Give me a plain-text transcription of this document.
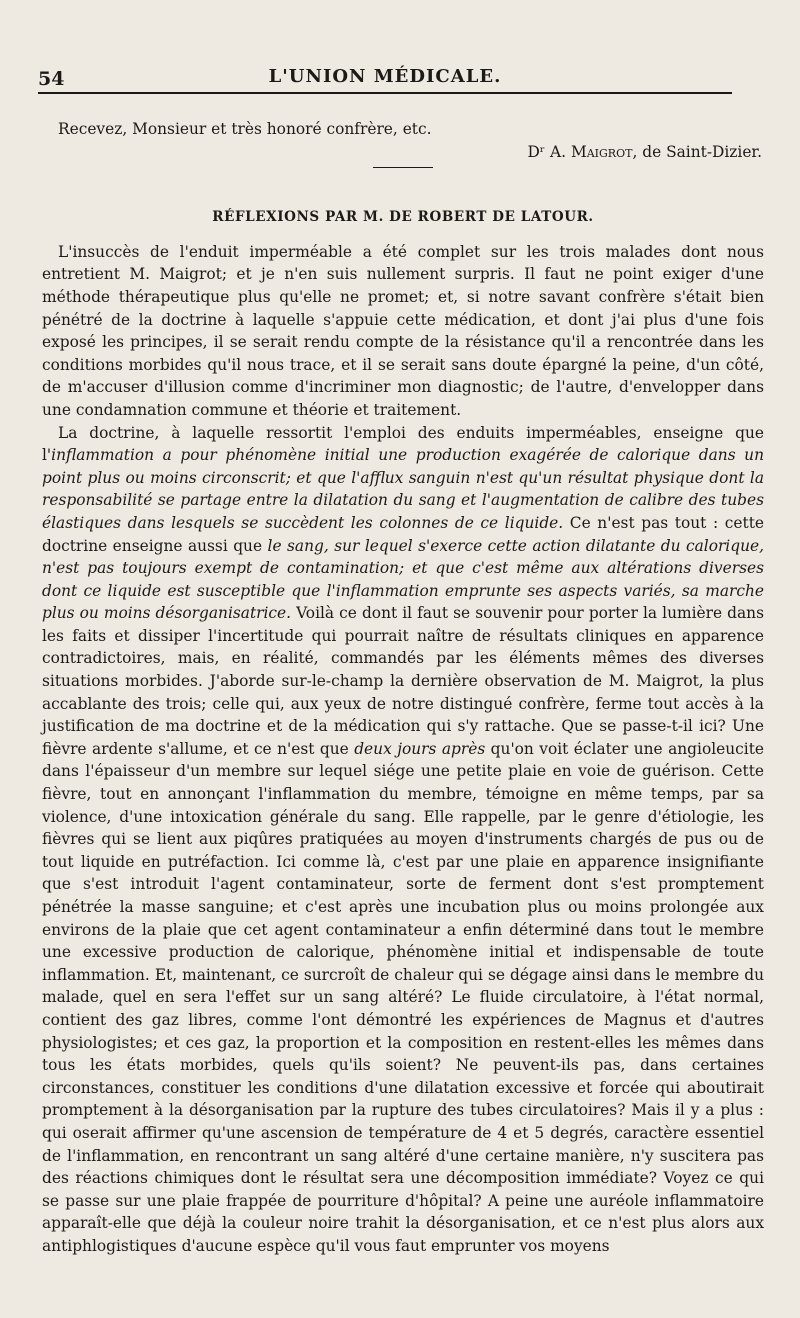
54	L'UNION MÉDICALE.

Recevez, Monsieur et très honoré confrère, etc.

Dʳ A. Maigrot, de Saint-Dizier.

RÉFLEXIONS PAR M. DE ROBERT DE LATOUR.

L'insuccès de l'enduit imperméable a été complet sur les trois malades dont nous entretient M. Maigrot; et je n'en suis nullement surpris. Il faut ne point exiger d'une méthode thérapeutique plus qu'elle ne promet; et, si notre savant confrère s'était bien pénétré de la doctrine à laquelle s'appuie cette médication, et dont j'ai plus d'une fois exposé les principes, il se serait rendu compte de la résistance qu'il a rencontrée dans les conditions morbides qu'il nous trace, et il se serait sans doute épargné la peine, d'un côté, de m'accuser d'illusion comme d'incriminer mon diagnostic; de l'autre, d'envelopper dans une condamnation commune et théorie et traitement.

La doctrine, à laquelle ressortit l'emploi des enduits imperméables, enseigne que l'inflammation a pour phénomène initial une production exagérée de calorique dans un point plus ou moins circonscrit; et que l'afflux sanguin n'est qu'un résultat physique dont la responsabilité se partage entre la dilatation du sang et l'augmentation de calibre des tubes élastiques dans lesquels se succèdent les colonnes de ce liquide. Ce n'est pas tout : cette doctrine enseigne aussi que le sang, sur lequel s'exerce cette action dilatante du calorique, n'est pas toujours exempt de contamination; et que c'est même aux altérations diverses dont ce liquide est susceptible que l'inflammation emprunte ses aspects variés, sa marche plus ou moins désorganisatrice. Voilà ce dont il faut se souvenir pour porter la lumière dans les faits et dissiper l'incertitude qui pourrait naître de résultats cliniques en apparence contradictoires, mais, en réalité, commandés par les éléments mêmes des diverses situations morbides. J'aborde sur-le-champ la dernière observation de M. Maigrot, la plus accablante des trois; celle qui, aux yeux de notre distingué confrère, ferme tout accès à la justification de ma doctrine et de la médication qui s'y rattache. Que se passe-t-il ici? Une fièvre ardente s'allume, et ce n'est que deux jours après qu'on voit éclater une angioleucite dans l'épaisseur d'un membre sur lequel siége une petite plaie en voie de guérison. Cette fièvre, tout en annonçant l'inflammation du membre, témoigne en même temps, par sa violence, d'une intoxication générale du sang. Elle rappelle, par le genre d'étiologie, les fièvres qui se lient aux piqûres pratiquées au moyen d'instruments chargés de pus ou de tout liquide en putréfaction. Ici comme là, c'est par une plaie en apparence insignifiante que s'est introduit l'agent contaminateur, sorte de ferment dont s'est promptement pénétrée la masse sanguine; et c'est après une incubation plus ou moins prolongée aux environs de la plaie que cet agent contaminateur a enfin déterminé dans tout le membre une excessive production de calorique, phénomène initial et indispensable de toute inflammation. Et, maintenant, ce surcroît de chaleur qui se dégage ainsi dans le membre du malade, quel en sera l'effet sur un sang altéré? Le fluide circulatoire, à l'état normal, contient des gaz libres, comme l'ont démontré les expériences de Magnus et d'autres physiologistes; et ces gaz, la proportion et la composition en restent-elles les mêmes dans tous les états morbides, quels qu'ils soient? Ne peuvent-ils pas, dans certaines circonstances, constituer les conditions d'une dilatation excessive et forcée qui aboutirait promptement à la désorganisation par la rupture des tubes circulatoires? Mais il y a plus : qui oserait affirmer qu'une ascension de température de 4 et 5 degrés, caractère essentiel de l'inflammation, en rencontrant un sang altéré d'une certaine manière, n'y suscitera pas des réactions chimiques dont le résultat sera une décomposition immédiate? Voyez ce qui se passe sur une plaie frappée de pourriture d'hôpital? A peine une auréole inflammatoire apparaît-elle que déjà la couleur noire trahit la désorganisation, et ce n'est plus alors aux antiphlogistiques d'aucune espèce qu'il vous faut emprunter vos moyens
